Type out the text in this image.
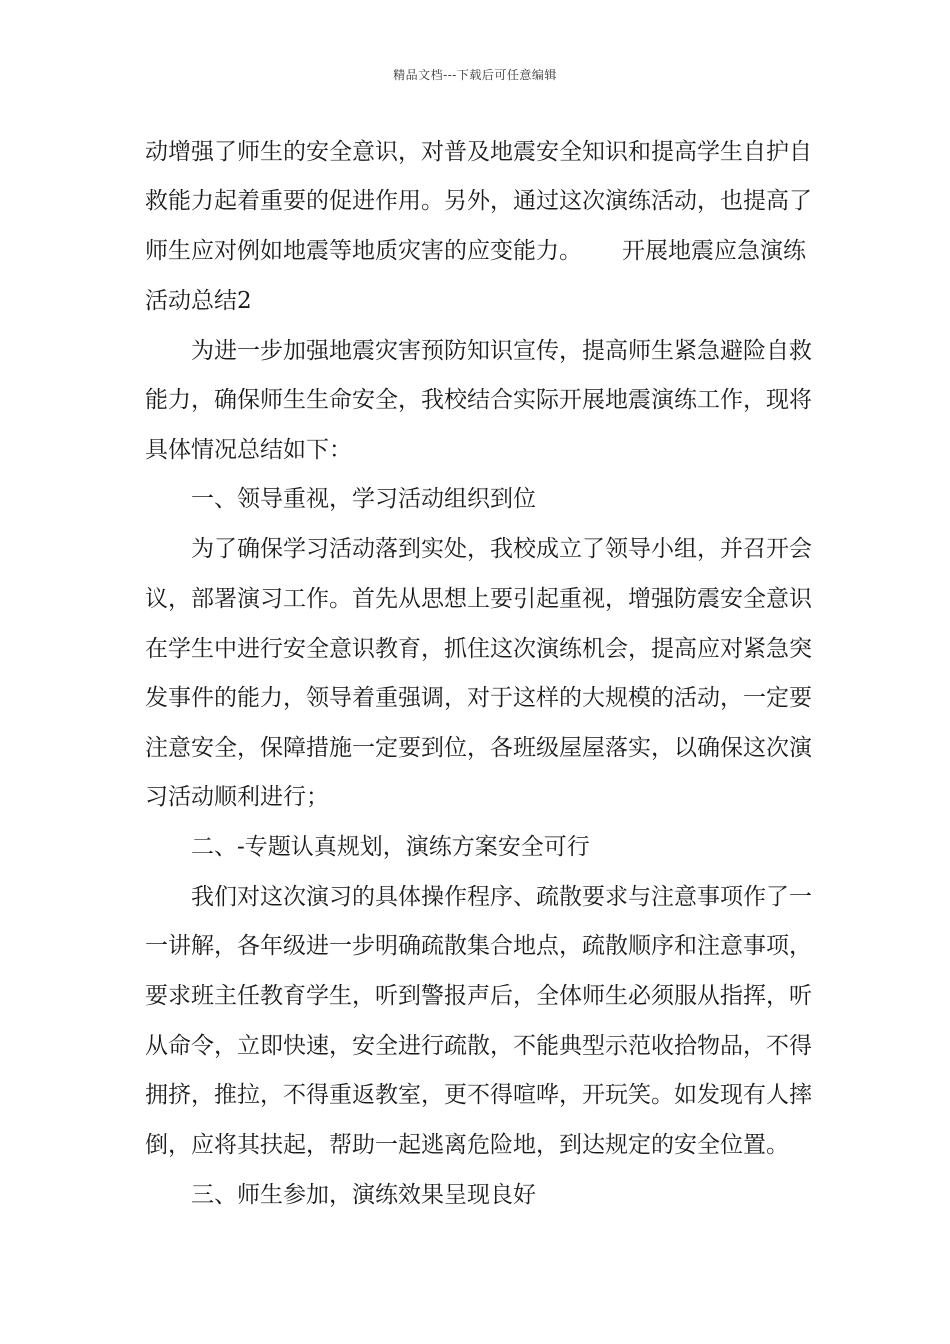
精品文档---下载后可任意编辑
动增强了师生的安全意识，对普及地震安全知识和提高学生自护自
救能力起着重要的促进作用。另外，通过这次演练活动，也提高了
师生应对例如地震等地质灾害的应变能力。 开展地震应急演练
活动总结2
为进一步加强地震灾害预防知识宣传，提高师生紧急避险自救
能力，确保师生生命安全，我校结合实际开展地震演练工作，现将
具体情况总结如下：
一、领导重视，学习活动组织到位
为了确保学习活动落到实处，我校成立了领导小组，并召开会
议，部署演习工作。首先从思想上要引起重视，增强防震安全意识
在学生中进行安全意识教育，抓住这次演练机会，提高应对紧急突
发事件的能力，领导着重强调，对于这样的大规模的活动，一定要
注意安全，保障措施一定要到位，各班级屋屋落实，以确保这次演
习活动顺利进行；
二、-专题认真规划，演练方案安全可行
我们对这次演习的具体操作程序、疏散要求与注意事项作了一
一讲解，各年级进一步明确疏散集合地点，疏散顺序和注意事项，
要求班主任教育学生，听到警报声后，全体师生必须服从指挥，听
从命令，立即快速，安全进行疏散，不能典型示范收拾物品，不得
拥挤，推拉，不得重返教室，更不得喧哗，开玩笑。如发现有人摔
倒，应将其扶起，帮助一起逃离危险地，到达规定的安全位置。
三、师生参加，演练效果呈现良好
